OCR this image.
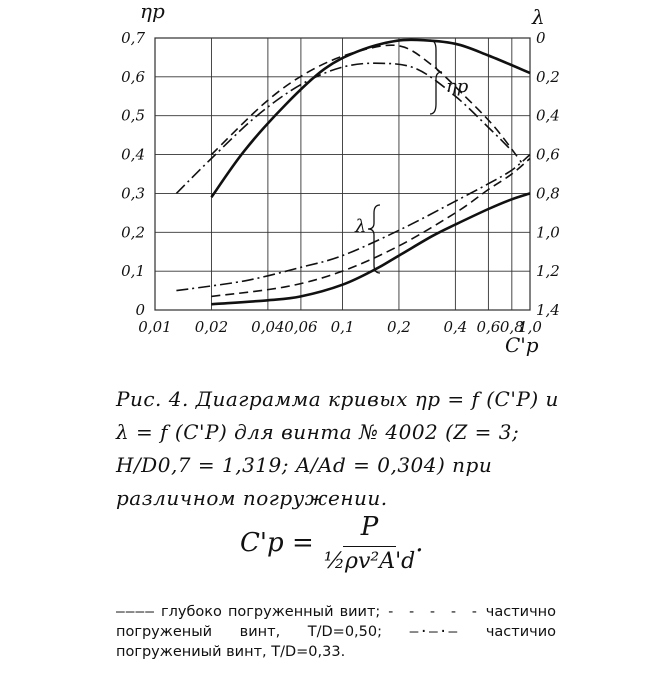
0,01 0,02 0,04 0,06 0,1 0,2 0,4 0,6 0,8
1,0
0
0,1
0,2
0,3
0,4
0,5
0,6
0,7	0
0,2
0,4
0,6
0,8
1,0
1,2
1,4
ηp	λ
C'p
ηp
λ

Рис. 4. Диаграмма кривых ηp = f (C'P) и λ = f (C'P) для винта № 4002 (Z = 3; H/D0,7 = 1,319; A/Ad = 0,304) при различном погружении.

$C'p = \frac{P}{\text{½ρv²A'd}}$ .
———— глубоко погруженный вии​т; - - - - - частично погруженый винт, T/D=0,50; —·—·— частичио погружениый винт, T/D=0,33.
